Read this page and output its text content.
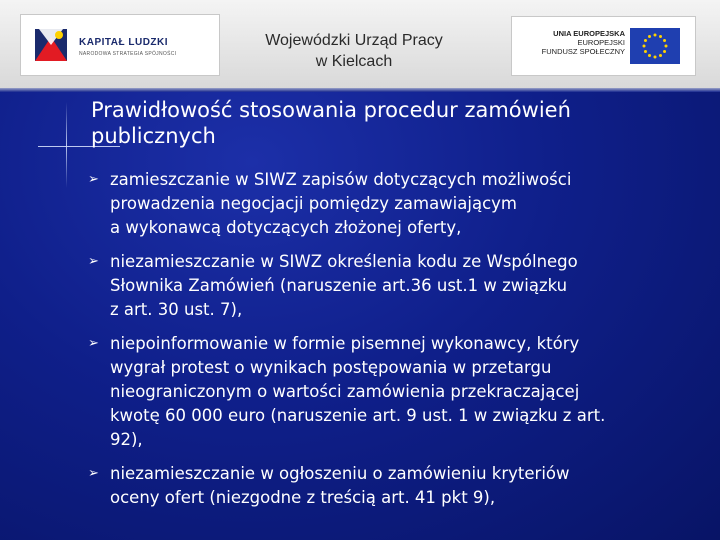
KAPITAŁ LUDZKI
NARODOWA STRATEGIA SPÓJNOŚCI
Wojewódzki Urząd Pracy
w Kielcach
UNIA EUROPEJSKA
EUROPEJSKI
FUNDUSZ SPOŁECZNY
Prawidłowość stosowania procedur zamówień
publicznych
➢ zamieszczanie w SIWZ zapisów dotyczących możliwości
prowadzenia negocjacji pomiędzy zamawiającym
a wykonawcą dotyczących złożonej oferty,
➢ niezamieszczanie w SIWZ określenia kodu ze Wspólnego
Słownika Zamówień (naruszenie art.36 ust.1 w związku
z art. 30 ust. 7),
➢ niepoinformowanie w formie pisemnej wykonawcy, który
wygrał protest o wynikach postępowania w przetargu
nieograniczonym o wartości zamówienia przekraczającej
kwotę 60 000 euro (naruszenie art. 9 ust. 1 w związku z art.
92),
➢ niezamieszczanie w ogłoszeniu o zamówieniu kryteriów
oceny ofert (niezgodne z treścią art. 41 pkt 9),
